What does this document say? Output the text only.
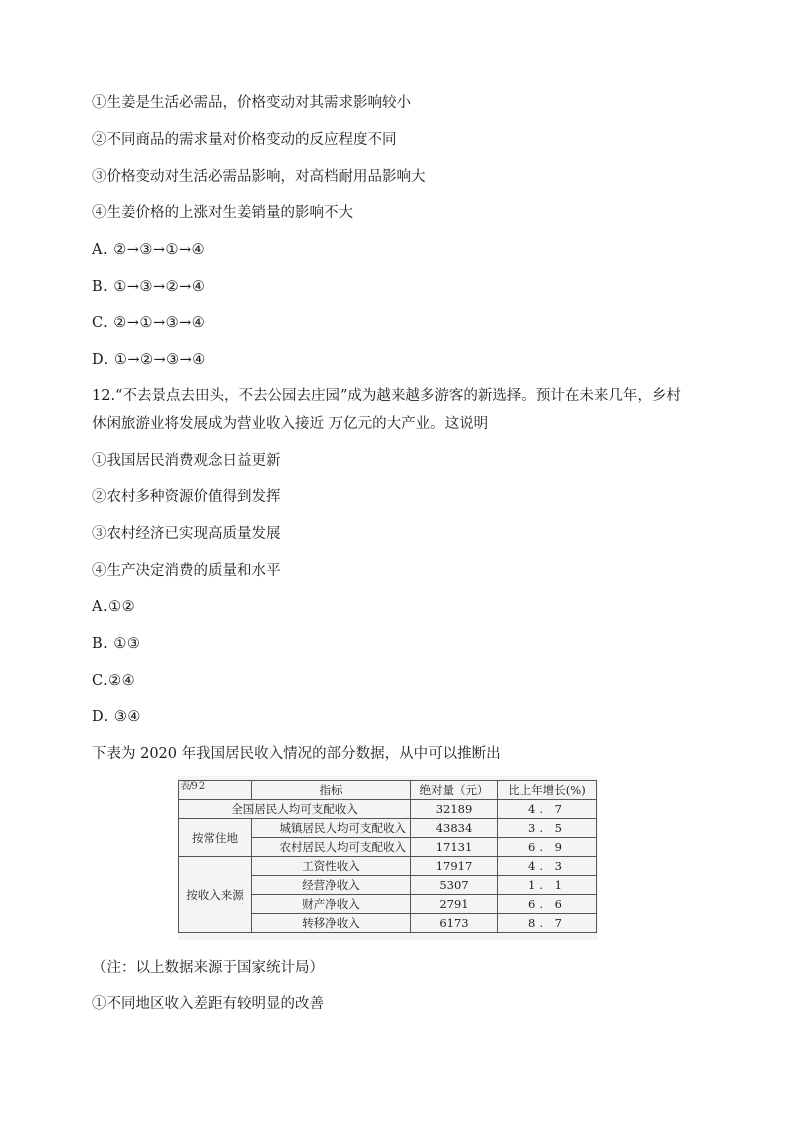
①生姜是生活必需品，价格变动对其需求影响较小
②不同商品的需求量对价格变动的反应程度不同
③价格变动对生活必需品影响，对高档耐用品影响大
④生姜价格的上涨对生姜销量的影响不大
A. ②→③→①→④
B. ①→③→②→④
C. ②→①→③→④
D. ①→②→③→④
12.“不去景点去田头，不去公园去庄园”成为越来越多游客的新选择。预计在未来几年，乡村
休闲旅游业将发展成为营业收入接近 万亿元的大产业。这说明
①我国居民消费观念日益更新
②农村多种资源价值得到发挥
③农村经济已实现高质量发展
④生产决定消费的质量和水平
A.①②
B. ①③
C.②④
D. ③④
下表为 2020 年我国居民收入情况的部分数据，从中可以推断出
表/9 2
		指标	绝对量（元）	比上年增长(%)
全国居民人均可支配收入		32189	4. 7
按常住地	城镇居民人均可支配收入	43834	3. 5
	农村居民人均可支配收入	17131	6. 9
按收入来源	工资性收入	17917	4. 3
	经营净收入	5307	1. 1
	财产净收入	2791	6. 6
	转移净收入	6173	8. 7
（注：以上数据来源于国家统计局）
①不同地区收入差距有较明显的改善
